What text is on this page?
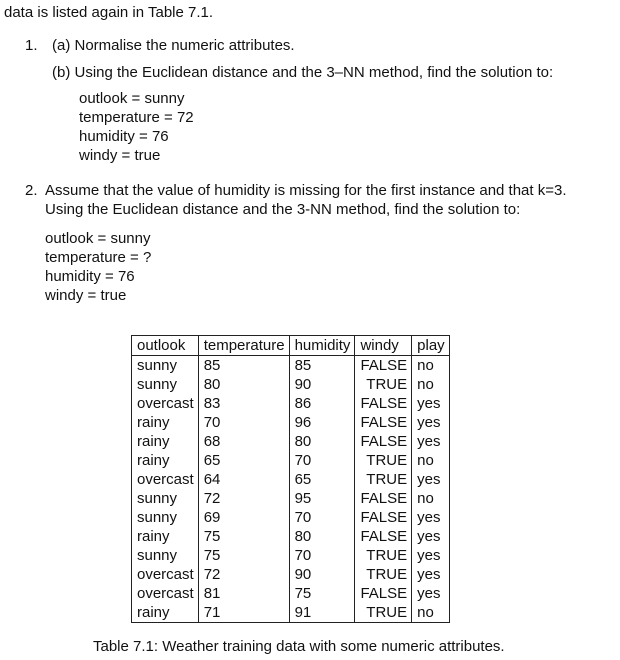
data is listed again in Table 7.1.
1. (a) Normalise the numeric attributes.
(b) Using the Euclidean distance and the 3–NN method, find the solution to:
outlook = sunny
temperature = 72
humidity = 76
windy = true
2. Assume that the value of humidity is missing for the first instance and that k=3.
Using the Euclidean distance and the 3-NN method, find the solution to:
outlook = sunny
temperature = ?
humidity = 76
windy = true
outlook	temperature	humidity	windy	play
sunny	85	85	FALSE	no
sunny	80	90	TRUE	no
overcast	83	86	FALSE	yes
rainy	70	96	FALSE	yes
rainy	68	80	FALSE	yes
rainy	65	70	TRUE	no
overcast	64	65	TRUE	yes
sunny	72	95	FALSE	no
sunny	69	70	FALSE	yes
rainy	75	80	FALSE	yes
sunny	75	70	TRUE	yes
overcast	72	90	TRUE	yes
overcast	81	75	FALSE	yes
rainy	71	91	TRUE	no
Table 7.1: Weather training data with some numeric attributes.
